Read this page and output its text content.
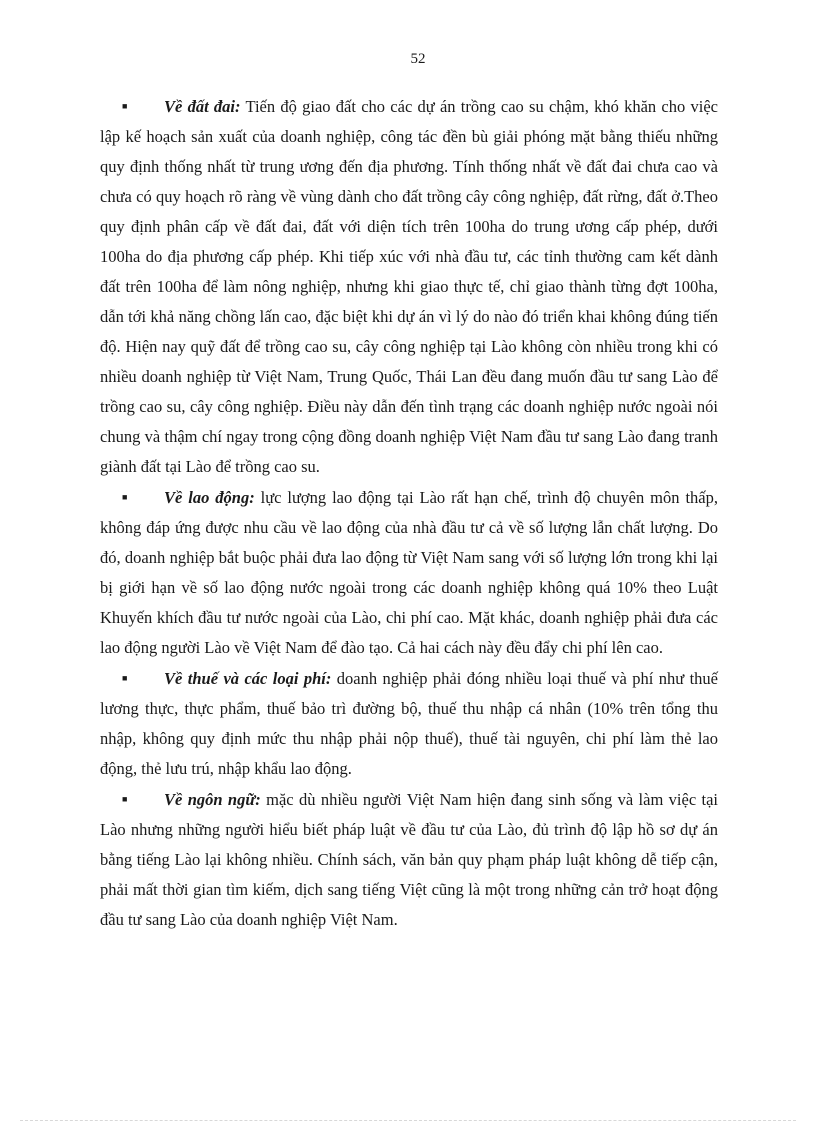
52

■ Về đất đai: Tiến độ giao đất cho các dự án trồng cao su chậm, khó khăn cho việc lập kế hoạch sản xuất của doanh nghiệp, công tác đền bù giải phóng mặt bằng thiếu những quy định thống nhất từ trung ương đến địa phương. Tính thống nhất về đất đai chưa cao và chưa có quy hoạch rõ ràng về vùng dành cho đất trồng cây công nghiệp, đất rừng, đất ở.Theo quy định phân cấp về đất đai, đất với diện tích trên 100ha do trung ương cấp phép, dưới 100ha do địa phương cấp phép. Khi tiếp xúc với nhà đầu tư, các tỉnh thường cam kết dành đất trên 100ha để làm nông nghiệp, nhưng khi giao thực tế, chỉ giao thành từng đợt 100ha, dẫn tới khả năng chồng lấn cao, đặc biệt khi dự án vì lý do nào đó triển khai không đúng tiến độ. Hiện nay quỹ đất để trồng cao su, cây công nghiệp tại Lào không còn nhiều trong khi có nhiều doanh nghiệp từ Việt Nam, Trung Quốc, Thái Lan đều đang muốn đầu tư sang Lào để trồng cao su, cây công nghiệp. Điều này dẫn đến tình trạng các doanh nghiệp nước ngoài nói chung và thậm chí ngay trong cộng đồng doanh nghiệp Việt Nam đầu tư sang Lào đang tranh giành đất tại Lào để trồng cao su.

■ Về lao động: lực lượng lao động tại Lào rất hạn chế, trình độ chuyên môn thấp, không đáp ứng được nhu cầu về lao động của nhà đầu tư cả về số lượng lẫn chất lượng. Do đó, doanh nghiệp bắt buộc phải đưa lao động từ Việt Nam sang với số lượng lớn trong khi lại bị giới hạn về số lao động nước ngoài trong các doanh nghiệp không quá 10% theo Luật Khuyến khích đầu tư nước ngoài của Lào, chi phí cao. Mặt khác, doanh nghiệp phải đưa các lao động người Lào về Việt Nam để đào tạo. Cả hai cách này đều đẩy chi phí lên cao.

■ Về thuế và các loại phí: doanh nghiệp phải đóng nhiều loại thuế và phí như thuế lương thực, thực phẩm, thuế bảo trì đường bộ, thuế thu nhập cá nhân (10% trên tổng thu nhập, không quy định mức thu nhập phải nộp thuế), thuế tài nguyên, chi phí làm thẻ lao động, thẻ lưu trú, nhập khẩu lao động.

■ Về ngôn ngữ: mặc dù nhiều người Việt Nam hiện đang sinh sống và làm việc tại Lào nhưng những người hiểu biết pháp luật về đầu tư của Lào, đủ trình độ lập hồ sơ dự án bằng tiếng Lào lại không nhiều. Chính sách, văn bản quy phạm pháp luật không dễ tiếp cận, phải mất thời gian tìm kiếm, dịch sang tiếng Việt cũng là một trong những cản trở hoạt động đầu tư sang Lào của doanh nghiệp Việt Nam.
